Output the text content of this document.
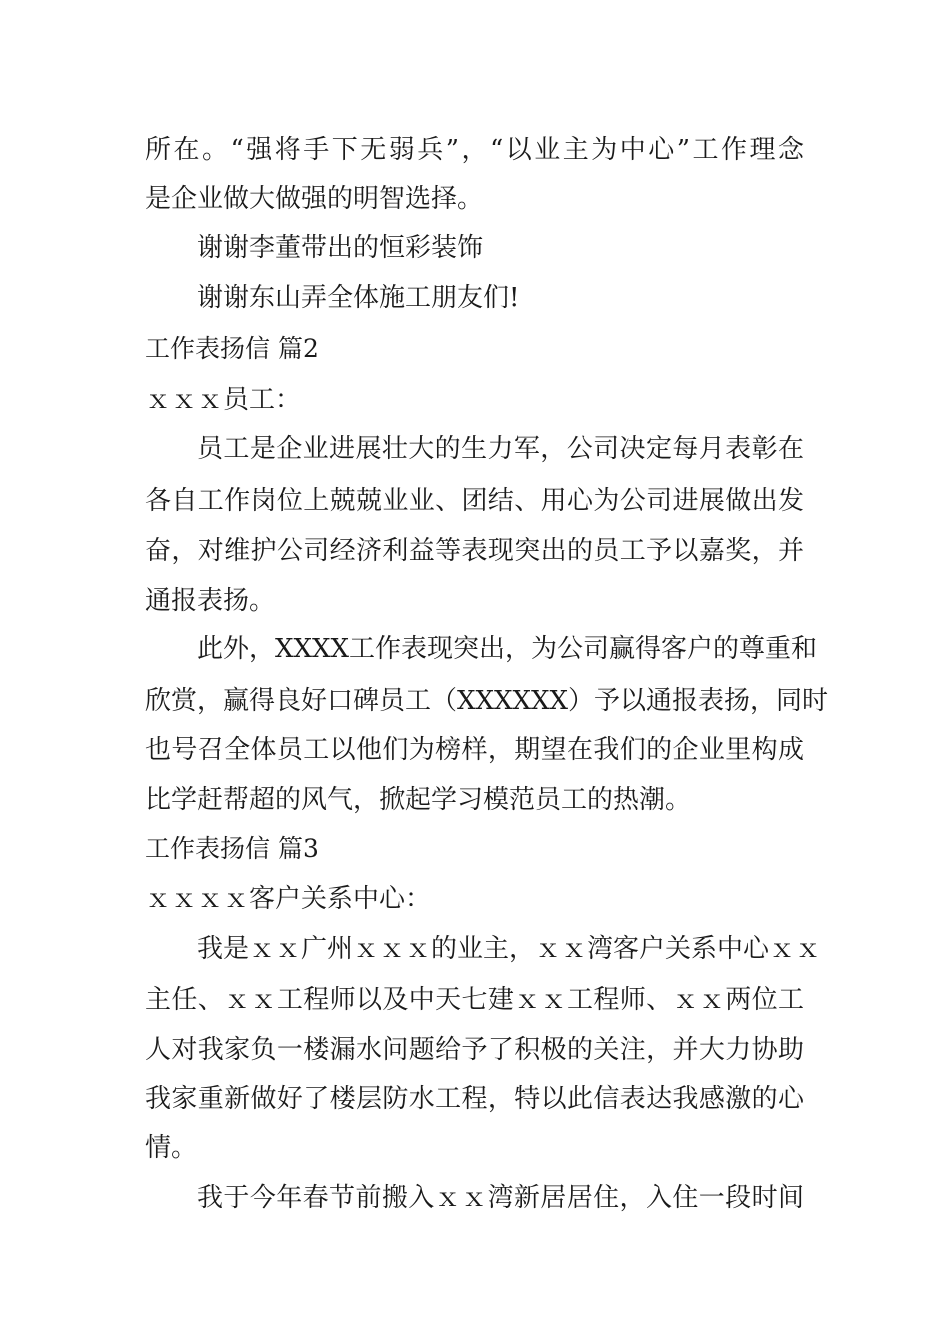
所在。“强将手下无弱兵”，“以业主为中心”工作理念
是企业做大做强的明智选择。
谢谢李董带出的恒彩装饰
谢谢东山弄全体施工朋友们!
工作表扬信 篇2
ｘｘｘ员工：
员工是企业进展壮大的生力军，公司决定每月表彰在
各自工作岗位上兢兢业业、团结、用心为公司进展做出发
奋，对维护公司经济利益等表现突出的员工予以嘉奖，并
通报表扬。
此外，XXXX工作表现突出，为公司赢得客户的尊重和
欣赏，赢得良好口碑员工（XXXXXX）予以通报表扬，同时
也号召全体员工以他们为榜样，期望在我们的企业里构成
比学赶帮超的风气，掀起学习模范员工的热潮。
工作表扬信 篇3
ｘｘｘｘ客户关系中心：
我是ｘｘ广州ｘｘｘ的业主，ｘｘ湾客户关系中心ｘｘ
主任、ｘｘ工程师以及中天七建ｘｘ工程师、ｘｘ两位工
人对我家负一楼漏水问题给予了积极的关注，并大力协助
我家重新做好了楼层防水工程，特以此信表达我感激的心
情。
我于今年春节前搬入ｘｘ湾新居居住，入住一段时间
